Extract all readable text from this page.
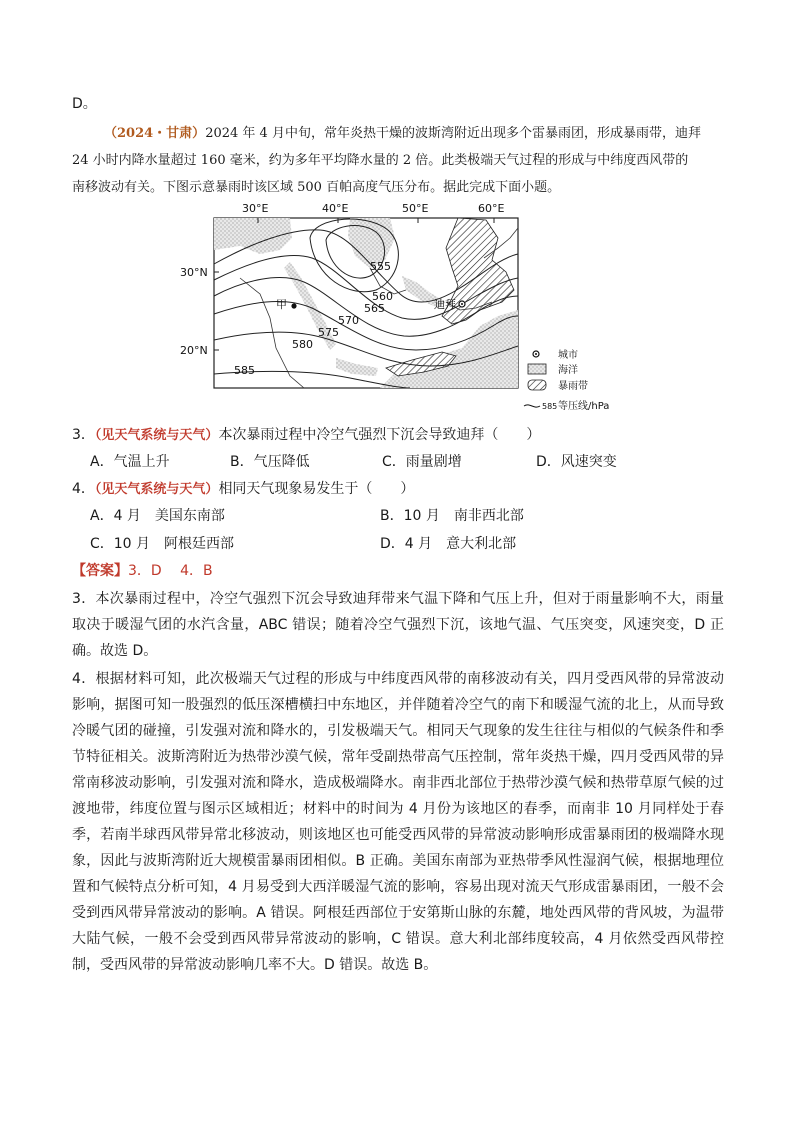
D。
（2024・甘肃）2024 年 4 月中旬，常年炎热干燥的波斯湾附近出现多个雷暴雨团，形成暴雨带，迪拜
24 小时内降水量超过 160 毫米，约为多年平均降水量的 2 倍。此类极端天气过程的形成与中纬度西风带的
南移波动有关。下图示意暴雨时该区域 500 百帕高度气压分布。据此完成下面小题。
555
560
565
570
575
580
585
30°E	40°E	50°E	60°E
30°N
20°N
甲	迪拜
城市
海洋
暴雨带
585 等压线/hPa
3．（见天气系统与天气）本次暴雨过程中冷空气强烈下沉会导致迪拜（　　）
A．气温上升	B．气压降低	C．雨量剧增	D．风速突变
4．（见天气系统与天气）相同天气现象易发生于（　　）
A．4 月　美国东南部	B．10 月　南非西北部
C．10 月　阿根廷西部	D．4 月　意大利北部
【答案】3．D　 4．B
3．本次暴雨过程中，冷空气强烈下沉会导致迪拜带来气温下降和气压上升，但对于雨量影响不大，雨量取决于暖湿气团的水汽含量，ABC 错误；随着冷空气强烈下沉，该地气温、气压突变，风速突变，D 正确。故选 D。
4．根据材料可知，此次极端天气过程的形成与中纬度西风带的南移波动有关，四月受西风带的异常波动影响，据图可知一股强烈的低压深槽横扫中东地区，并伴随着冷空气的南下和暖湿气流的北上，从而导致冷暖气团的碰撞，引发强对流和降水的，引发极端天气。相同天气现象的发生往往与相似的气候条件和季节特征相关。波斯湾附近为热带沙漠气候，常年受副热带高气压控制，常年炎热干燥，四月受西风带的异常南移波动影响，引发强对流和降水，造成极端降水。南非西北部位于热带沙漠气候和热带草原气候的过渡地带，纬度位置与图示区域相近；材料中的时间为 4 月份为该地区的春季，而南非 10 月同样处于春季，若南半球西风带异常北移波动，则该地区也可能受西风带的异常波动影响形成雷暴雨团的极端降水现象，因此与波斯湾附近大规模雷暴雨团相似。B 正确。美国东南部为亚热带季风性湿润气候，根据地理位置和气候特点分析可知，4 月易受到大西洋暖湿气流的影响，容易出现对流天气形成雷暴雨团，一般不会受到西风带异常波动的影响。A 错误。阿根廷西部位于安第斯山脉的东麓，地处西风带的背风坡，为温带大陆气候，一般不会受到西风带异常波动的影响，C 错误。意大利北部纬度较高，4 月依然受西风带控制，受西风带的异常波动影响几率不大。D 错误。故选 B。
